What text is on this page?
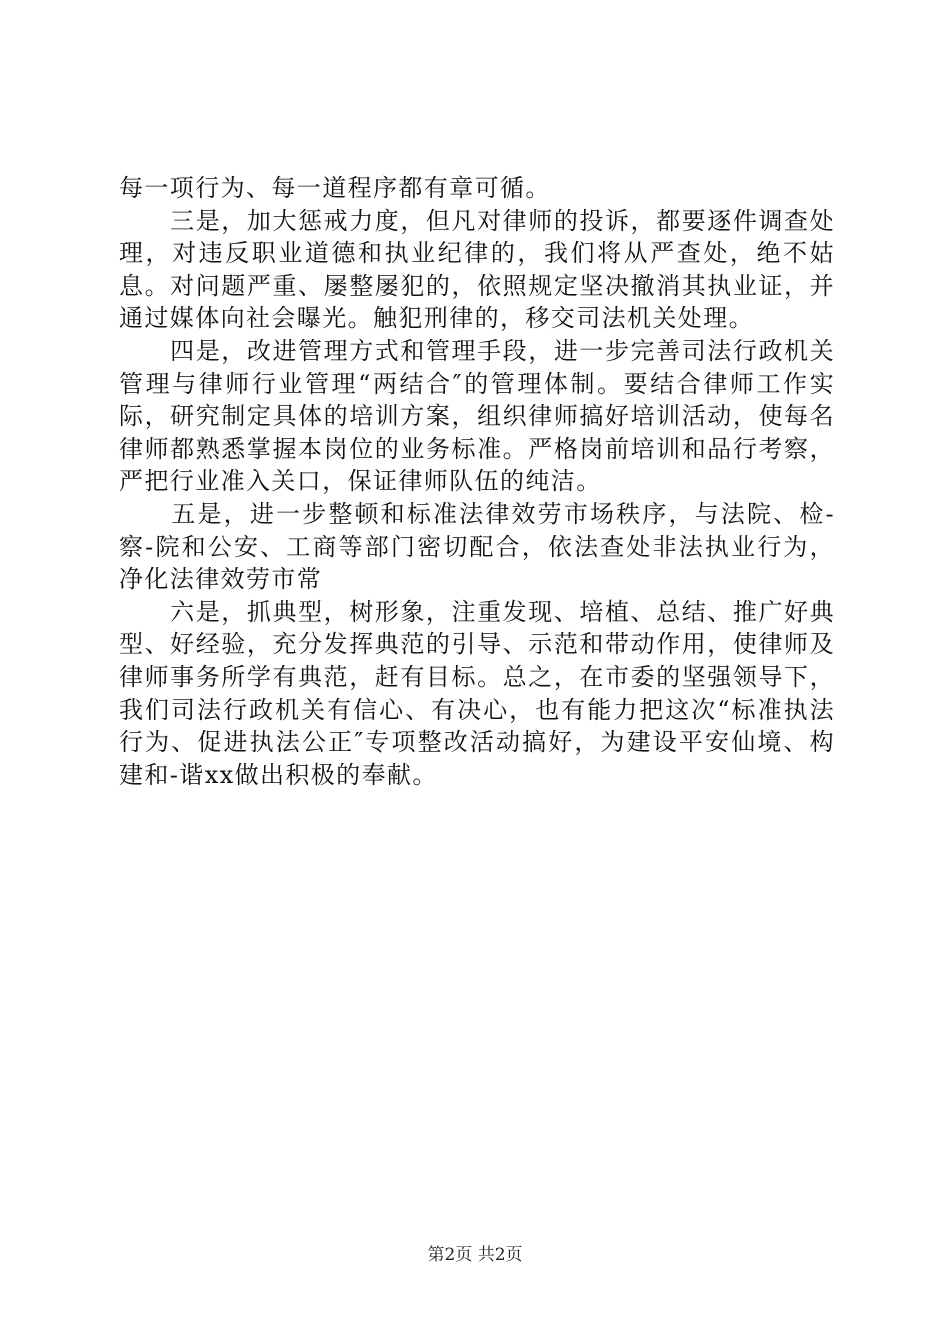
每一项行为、每一道程序都有章可循。

　　三是，加大惩戒力度，但凡对律师的投诉，都要逐件调查处理，对违反职业道德和执业纪律的，我们将从严查处，绝不姑息。对问题严重、屡整屡犯的，依照规定坚决撤消其执业证，并通过媒体向社会曝光。触犯刑律的，移交司法机关处理。

　　四是，改进管理方式和管理手段，进一步完善司法行政机关管理与律师行业管理“两结合″的管理体制。要结合律师工作实际，研究制定具体的培训方案，组织律师搞好培训活动，使每名律师都熟悉掌握本岗位的业务标准。严格岗前培训和品行考察，严把行业准入关口，保证律师队伍的纯洁。

　　五是，进一步整顿和标准法律效劳市场秩序，与法院、检-察-院和公安、工商等部门密切配合，依法查处非法执业行为，净化法律效劳市常

　　六是，抓典型，树形象，注重发现、培植、总结、推广好典型、好经验，充分发挥典范的引导、示范和带动作用，使律师及律师事务所学有典范，赶有目标。总之，在市委的坚强领导下，我们司法行政机关有信心、有决心，也有能力把这次“标准执法行为、促进执法公正″专项整改活动搞好，为建设平安仙境、构建和-谐xx做出积极的奉献。

第2页 共2页
